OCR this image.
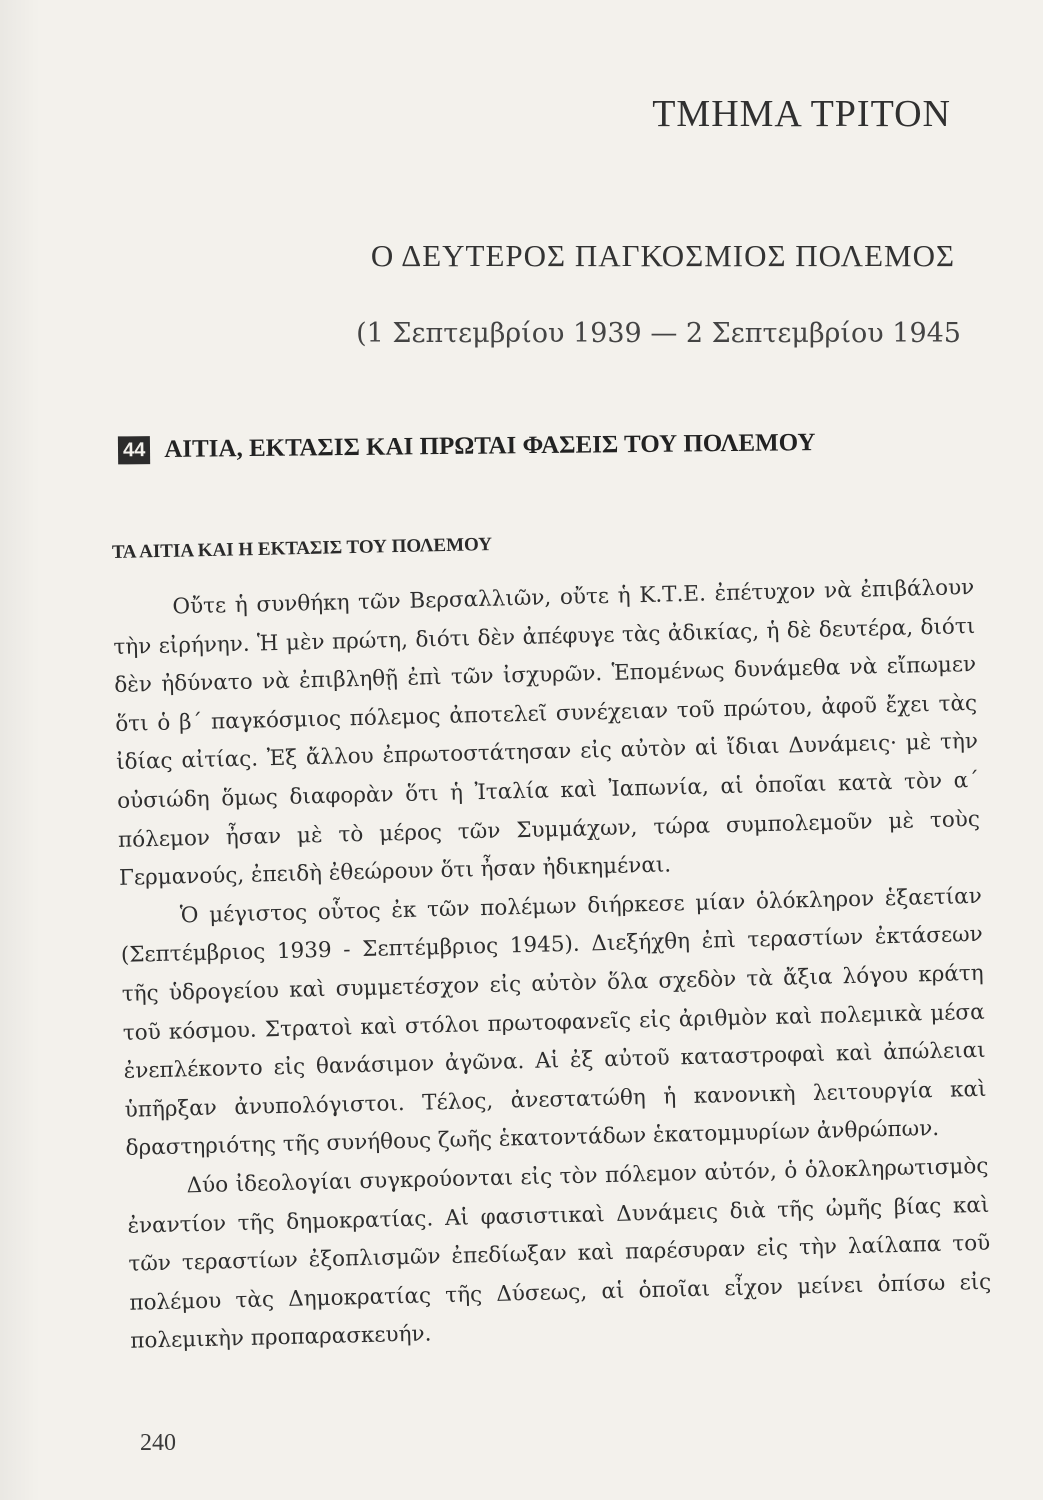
ΤΜΗΜΑ ΤΡΙΤΟΝ
Ο ΔΕΥΤΕΡΟΣ ΠΑΓΚΟΣΜΙΟΣ ΠΟΛΕΜΟΣ

(1 Σεπτεμβρίου 1939 — 2 Σεπτεμβρίου 1945

44 ΑΙΤΙΑ, ΕΚΤΑΣΙΣ ΚΑΙ ΠΡΩΤΑΙ ΦΑΣΕΙΣ ΤΟΥ ΠΟΛΕΜΟΥ
ΤΑ ΑΙΤΙΑ ΚΑΙ Η ΕΚΤΑΣΙΣ ΤΟΥ ΠΟΛΕΜΟΥ

Οὔτε ἡ συνθήκη τῶν Βερσαλλιῶν, οὔτε ἡ Κ.Τ.Ε. ἐπέτυχον νὰ ἐπιβάλουν τὴν εἰρήνην. Ἡ μὲν πρώτη, διότι δὲν ἀπέφυγε τὰς ἀδικίας, ἡ δὲ δευτέρα, διότι δὲν ἠδύνατο νὰ ἐπιβληθῇ ἐπὶ τῶν ἰσχυρῶν. Ἑπομένως δυνάμεθα νὰ εἴπωμεν ὅτι ὁ β΄ παγκόσμιος πόλεμος ἀποτελεῖ συνέχειαν τοῦ πρώτου, ἀφοῦ ἔχει τὰς ἰδίας αἰτίας. Ἐξ ἄλλου ἐπρωτοστάτησαν εἰς αὐτὸν αἱ ἴδιαι Δυνάμεις· μὲ τὴν οὐσιώδη ὅμως διαφορὰν ὅτι ἡ Ἰταλία καὶ Ἰαπωνία, αἱ ὁποῖαι κατὰ τὸν α΄ πόλεμον ἦσαν μὲ τὸ μέρος τῶν Συμμάχων, τώρα συμπολεμοῦν μὲ τοὺς Γερμανούς, ἐπειδὴ ἐθεώρουν ὅτι ἦσαν ἠδικημέναι.

Ὁ μέγιστος οὗτος ἐκ τῶν πολέμων διήρκεσε μίαν ὁλόκληρον ἑξαετίαν (Σεπτέμβριος 1939 - Σεπτέμβριος 1945). Διεξήχθη ἐπὶ τεραστίων ἐκτάσεων τῆς ὑδρογείου καὶ συμμετέσχον εἰς αὐτὸν ὅλα σχεδὸν τὰ ἄξια λόγου κράτη τοῦ κόσμου. Στρατοὶ καὶ στόλοι πρωτοφανεῖς εἰς ἀριθμὸν καὶ πολεμικὰ μέσα ἐνεπλέκοντο εἰς θανάσιμον ἀγῶνα. Αἱ ἐξ αὐτοῦ καταστροφαὶ καὶ ἀπώλειαι ὑπῆρξαν ἀνυπολόγιστοι. Τέλος, ἀνεστατώθη ἡ κανονικὴ λειτουργία καὶ δραστηριότης τῆς συνήθους ζωῆς ἑκατοντάδων ἑκατομμυρίων ἀνθρώπων.

Δύο ἰδεολογίαι συγκρούονται εἰς τὸν πόλεμον αὐτόν, ὁ ὁλοκληρωτισμὸς ἐναντίον τῆς δημοκρατίας. Αἱ φασιστικαὶ Δυνάμεις διὰ τῆς ὠμῆς βίας καὶ τῶν τεραστίων ἐξοπλισμῶν ἐπεδίωξαν καὶ παρέσυραν εἰς τὴν λαίλαπα τοῦ πολέμου τὰς Δημοκρατίας τῆς Δύσεως, αἱ ὁποῖαι εἶχον μείνει ὀπίσω εἰς πολεμικὴν προπαρασκευήν.

240
